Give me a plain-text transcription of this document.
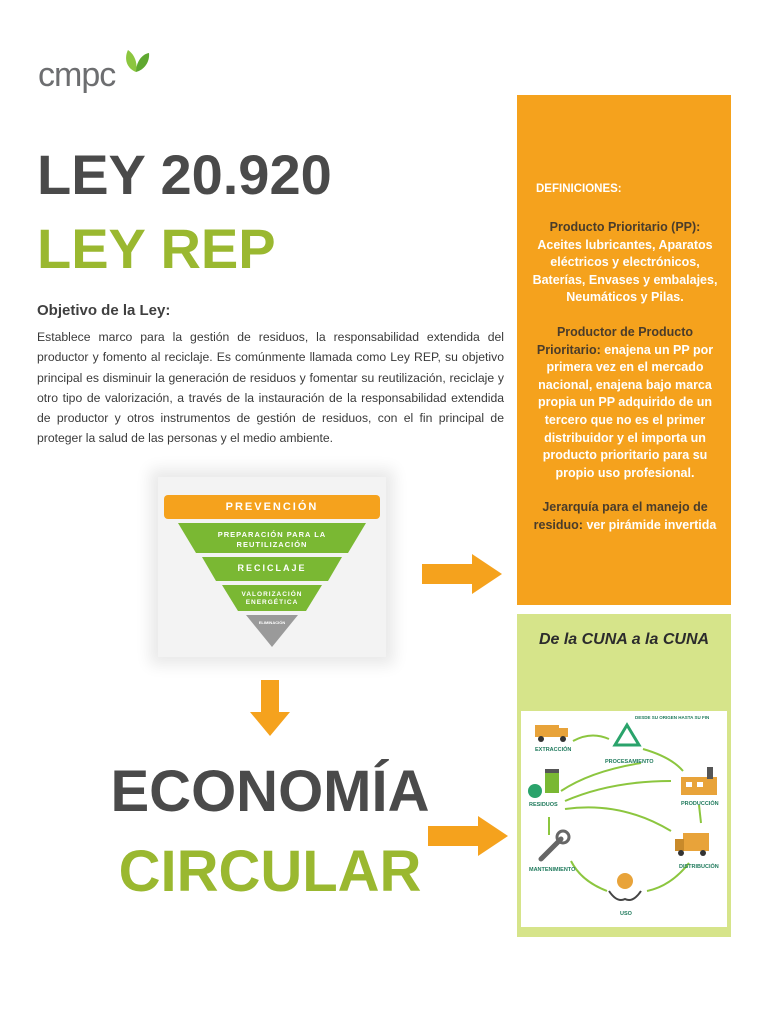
cmpc
LEY 20.920
LEY REP
Objetivo de la Ley:
Establece marco para la gestión de residuos, la responsabilidad extendida del productor y fomento al reciclaje. Es comúnmente llamada como Ley REP, su objetivo principal es disminuir la generación de residuos y fomentar su reutilización, reciclaje y otro tipo de valorización, a través de la instauración de la responsabilidad extendida de productor y otros instrumentos de gestión de residuos, con el fin principal de proteger la salud de las personas y el medio ambiente.
PREVENCIÓN
PREPARACIÓN PARA LA
REUTILIZACIÓN
RECICLAJE
VALORIZACIÓN
ENERGÉTICA
ELIMINACIÓN
DEFINICIONES:
Producto Prioritario (PP): Aceites lubricantes, Aparatos eléctricos y electrónicos, Baterías, Envases y embalajes, Neumáticos y Pilas.
Productor de Producto Prioritario: enajena un PP por primera vez en el mercado nacional, enajena bajo marca propia un PP adquirido de un tercero que no es el primer distribuidor y el importa un producto prioritario para su propio uso profesional.
Jerarquía para el manejo de residuo: ver pirámide invertida
De la CUNA a la CUNA
DESDE SU ORIGEN HASTA SU FIN
EXTRACCIÓN
PROCESAMIENTO
PRODUCCIÓN
DISTRIBUCIÓN
USO
MANTENIMIENTO
RESIDUOS
ECONOMÍA
CIRCULAR
